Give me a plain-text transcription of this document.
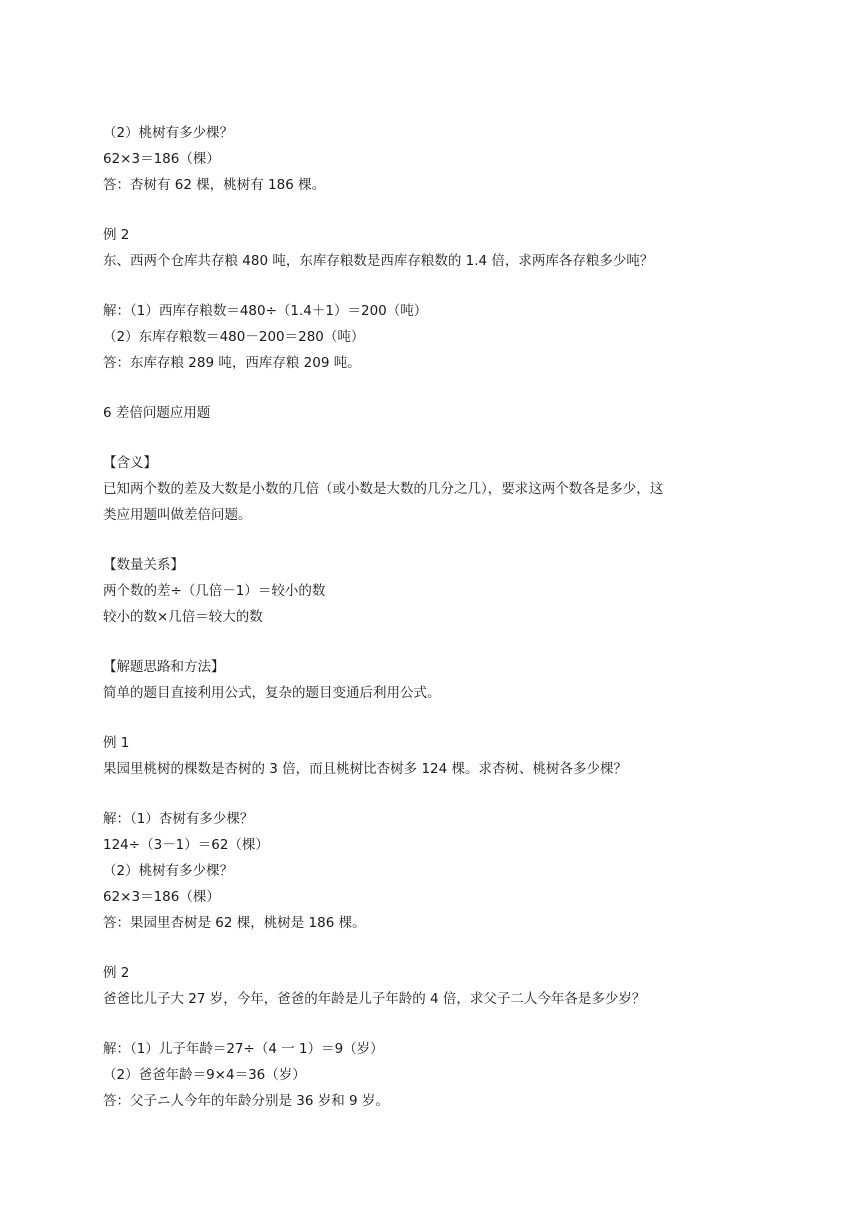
（2）桃树有多少棵？
62×3＝186（棵）
答：杏树有 62 棵，桃树有 186 棵。
例 2
东、西两个仓库共存粮 480 吨，东库存粮数是西库存粮数的 1.4 倍，求两库各存粮多少吨？
解：（1）西库存粮数＝480÷（1.4＋1）＝200（吨）
（2）东库存粮数＝480－200＝280（吨）
答：东库存粮 289 吨，西库存粮 209 吨。
6 差倍问题应用题
【含义】
已知两个数的差及大数是小数的几倍（或小数是大数的几分之几），要求这两个数各是多少，这
类应用题叫做差倍问题。
【数量关系】
两个数的差÷（几倍－1）＝较小的数
较小的数×几倍＝较大的数
【解题思路和方法】
简单的题目直接利用公式，复杂的题目变通后利用公式。
例 1
果园里桃树的棵数是杏树的 3 倍，而且桃树比杏树多 124 棵。求杏树、桃树各多少棵？
解：（1）杏树有多少棵？
124÷（3－1）＝62（棵）
（2）桃树有多少棵？
62×3＝186（棵）
答：果园里杏树是 62 棵，桃树是 186 棵。
例 2
爸爸比儿子大 27 岁，今年，爸爸的年龄是儿子年龄的 4 倍，求父子二人今年各是多少岁？
解：（1）儿子年龄＝27÷（4 一 1）＝9（岁）
（2）爸爸年龄＝9×4＝36（岁）
答：父子ニ人今年的年龄分别是 36 岁和 9 岁。
